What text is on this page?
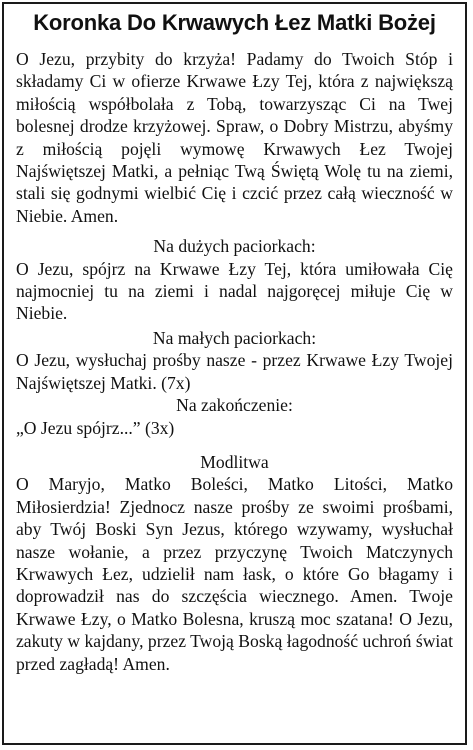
Koronka Do Krwawych Łez Matki Bożej

O Jezu, przybity do krzyża! Padamy do Twoich Stóp i składamy Ci w ofierze Krwawe Łzy Tej, która z największą miłością współbolała z Tobą, towarzysząc Ci na Twej bolesnej drodze krzyżowej. Spraw, o Dobry Mistrzu, abyśmy z miłością pojęli wymowę Krwawych Łez Twojej Najświętszej Matki, a pełniąc Twą Świętą Wolę tu na ziemi, stali się godnymi wielbić Cię i czcić przez całą wieczność w Niebie. Amen.

Na dużych paciorkach:

O Jezu, spójrz na Krwawe Łzy Tej, która umiłowała Cię najmocniej tu na ziemi i nadal najgoręcej miłuje Cię w Niebie.

Na małych paciorkach:

O Jezu, wysłuchaj prośby nasze - przez Krwawe Łzy Twojej Najświętszej Matki. (7x)

Na zakończenie:

„O Jezu spójrz...” (3x)

Modlitwa

O Maryjo, Matko Boleści, Matko Litości, Matko Miłosierdzia! Zjednocz nasze prośby ze swoimi prośbami, aby Twój Boski Syn Jezus, którego wzywamy, wysłuchał nasze wołanie, a przez przyczynę Twoich Matczynych Krwawych Łez, udzielił nam łask, o które Go błagamy i doprowadził nas do szczęścia wiecznego. Amen. Twoje Krwawe Łzy, o Matko Bolesna, kruszą moc szatana! O Jezu, zakuty w kajdany, przez Twoją Boską łagodność uchroń świat przed zagładą! Amen.
